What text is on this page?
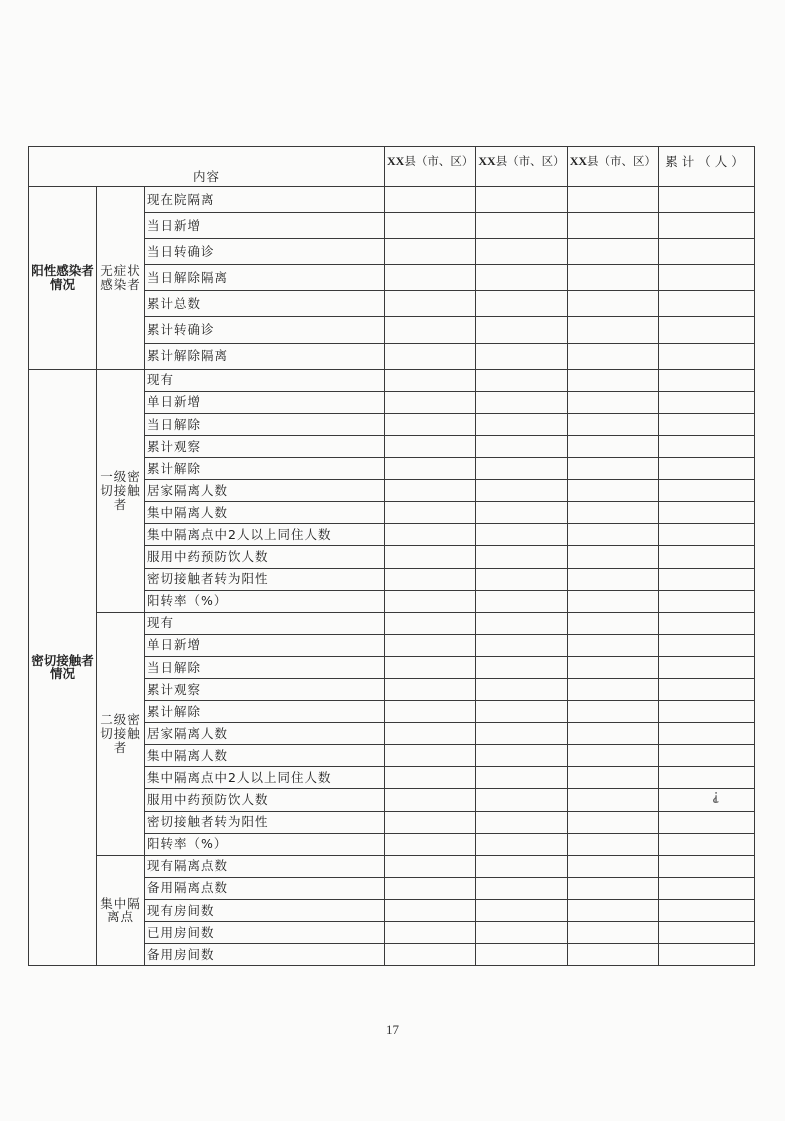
内容			XX县（市、区）	XX县（市、区）	XX县（市、区）	累计（人）
阳性感染者情况	无症状感染者	现在院隔离				
		当日新增				
		当日转确诊				
		当日解除隔离				
		累计总数				
		累计转确诊				
		累计解除隔离				
密切接触者情况	一级密切接触者	现有				
		单日新增				
		当日解除				
		累计观察				
		累计解除				
		居家隔离人数				
		集中隔离人数				
		集中隔离点中2人以上同住人数				
		服用中药预防饮人数				
		密切接触者转为阳性				
		阳转率（%）				
	二级密切接触者	现有				
		单日新增				
		当日解除				
		累计观察				
		累计解除				
		居家隔离人数				
		集中隔离人数				
		集中隔离点中2人以上同住人数				
		服用中药预防饮人数				
		密切接触者转为阳性				
		阳转率（%）				
	集中隔离点	现有隔离点数				
		备用隔离点数				
		现有房间数				
		已用房间数				
		备用房间数				
⸘
17
